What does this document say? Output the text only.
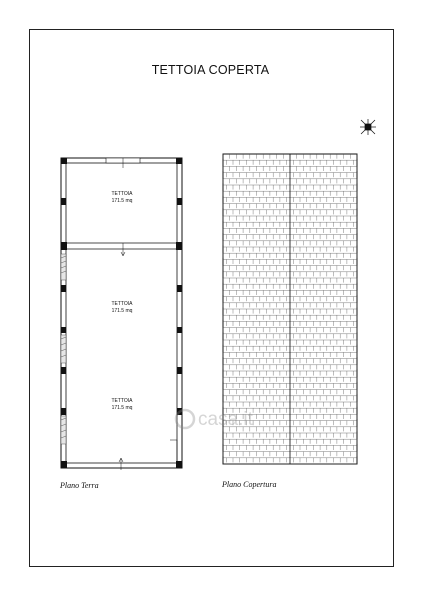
TETTOIA COPERTA
casa.it
TETTOIA
171.5 mq
TETTOIA
171.5 mq
TETTOIA
171.5 mq
Plano Terra	Plano Copertura
